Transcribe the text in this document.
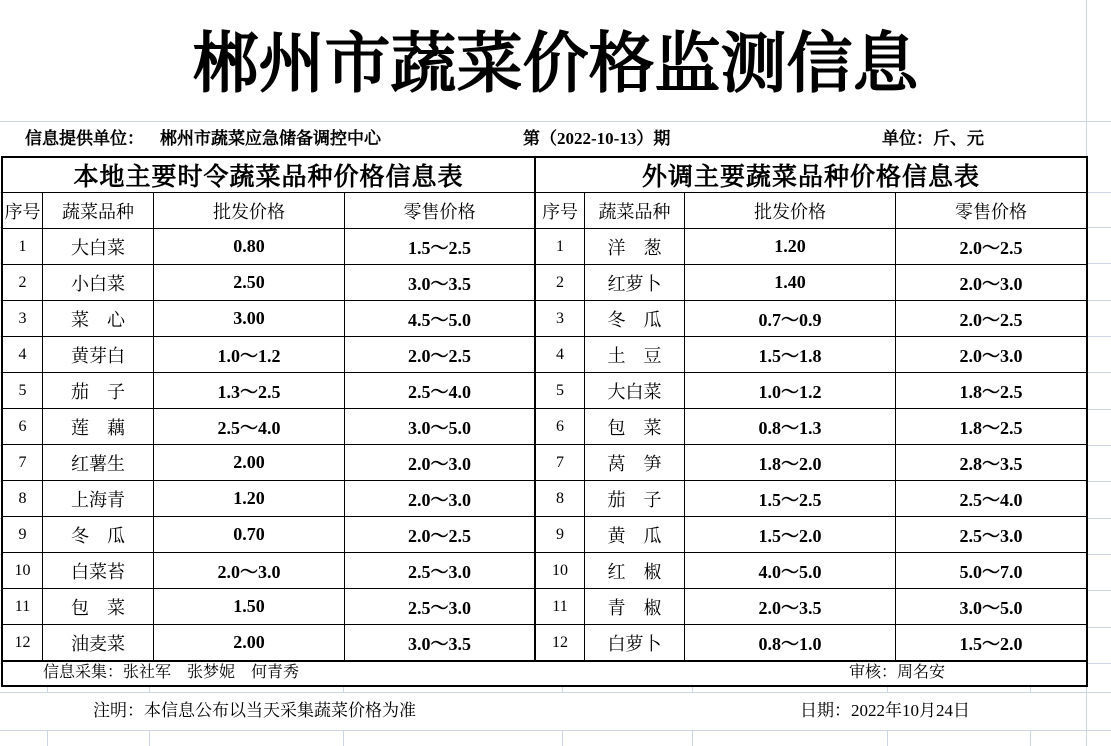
郴州市蔬菜价格监测信息
信息提供单位： 郴州市蔬菜应急储备调控中心	第（2022-10-13）期	单位：斤、元
本地主要时令蔬菜品种价格信息表
序号	蔬菜品种	批发价格	零售价格
1	大白菜	0.80	1.5～2.5
2	小白菜	2.50	3.0～3.5
3	菜　心	3.00	4.5～5.0
4	黄芽白	1.0～1.2	2.0～2.5
5	茄　子	1.3～2.5	2.5～4.0
6	莲　藕	2.5～4.0	3.0～5.0
7	红薯生	2.00	2.0～3.0
8	上海青	1.20	2.0～3.0
9	冬　瓜	0.70	2.0～2.5
10	白菜苔	2.0～3.0	2.5～3.0
11	包　菜	1.50	2.5～3.0
12	油麦菜	2.00	3.0～3.5
外调主要蔬菜品种价格信息表
序号	蔬菜品种	批发价格	零售价格
1	洋　葱	1.20	2.0～2.5
2	红萝卜	1.40	2.0～3.0
3	冬　瓜	0.7～0.9	2.0～2.5
4	土　豆	1.5～1.8	2.0～3.0
5	大白菜	1.0～1.2	1.8～2.5
6	包　菜	0.8～1.3	1.8～2.5
7	莴　笋	1.8～2.0	2.8～3.5
8	茄　子	1.5～2.5	2.5～4.0
9	黄　瓜	1.5～2.0	2.5～3.0
10	红　椒	4.0～5.0	5.0～7.0
11	青　椒	2.0～3.5	3.0～5.0
12	白萝卜	0.8～1.0	1.5～2.0
信息采集：张社军　张梦妮　何青秀	审核：周名安
注明：本信息公布以当天采集蔬菜价格为准	日期：2022年10月24日
